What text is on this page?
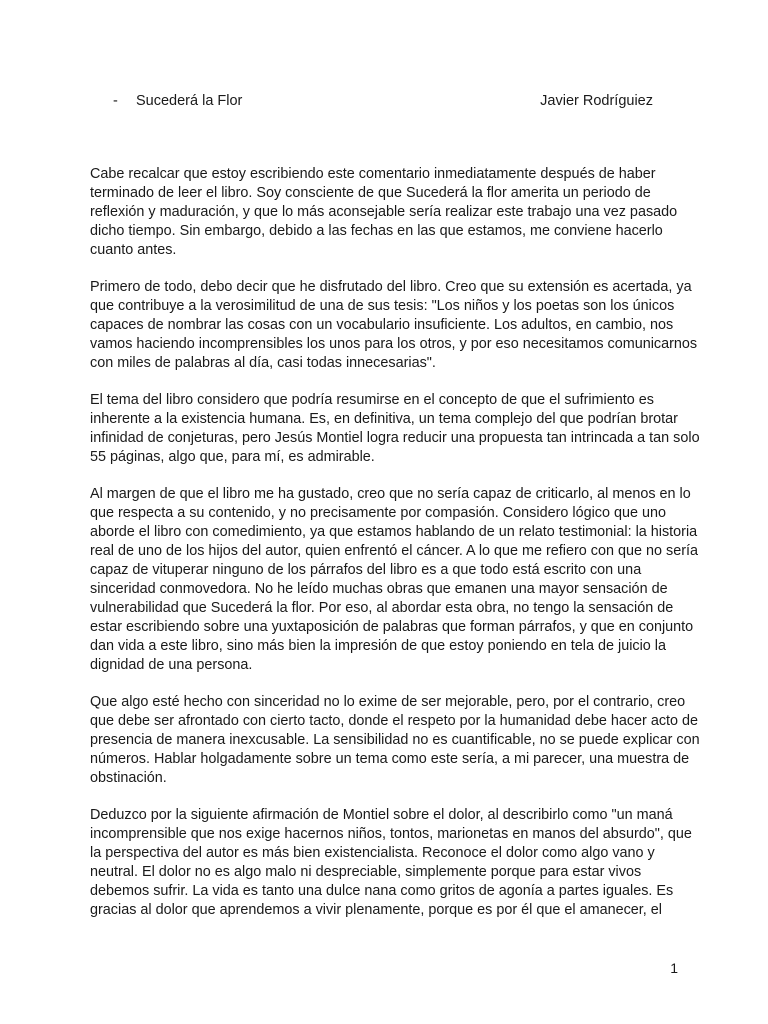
- Sucederá la Flor	Javier Rodríguiez
Cabe recalcar que estoy escribiendo este comentario inmediatamente después de haber
terminado de leer el libro. Soy consciente de que Sucederá la flor amerita un periodo de
reflexión y maduración, y que lo más aconsejable sería realizar este trabajo una vez pasado
dicho tiempo. Sin embargo, debido a las fechas en las que estamos, me conviene hacerlo
cuanto antes.
Primero de todo, debo decir que he disfrutado del libro. Creo que su extensión es acertada, ya
que contribuye a la verosimilitud de una de sus tesis: "Los niños y los poetas son los únicos
capaces de nombrar las cosas con un vocabulario insuficiente. Los adultos, en cambio, nos
vamos haciendo incomprensibles los unos para los otros, y por eso necesitamos comunicarnos
con miles de palabras al día, casi todas innecesarias".
El tema del libro considero que podría resumirse en el concepto de que el sufrimiento es
inherente a la existencia humana. Es, en definitiva, un tema complejo del que podrían brotar
infinidad de conjeturas, pero Jesús Montiel logra reducir una propuesta tan intrincada a tan solo
55 páginas, algo que, para mí, es admirable.
Al margen de que el libro me ha gustado, creo que no sería capaz de criticarlo, al menos en lo
que respecta a su contenido, y no precisamente por compasión. Considero lógico que uno
aborde el libro con comedimiento, ya que estamos hablando de un relato testimonial: la historia
real de uno de los hijos del autor, quien enfrentó el cáncer. A lo que me refiero con que no sería
capaz de vituperar ninguno de los párrafos del libro es a que todo está escrito con una
sinceridad conmovedora. No he leído muchas obras que emanen una mayor sensación de
vulnerabilidad que Sucederá la flor. Por eso, al abordar esta obra, no tengo la sensación de
estar escribiendo sobre una yuxtaposición de palabras que forman párrafos, y que en conjunto
dan vida a este libro, sino más bien la impresión de que estoy poniendo en tela de juicio la
dignidad de una persona.
Que algo esté hecho con sinceridad no lo exime de ser mejorable, pero, por el contrario, creo
que debe ser afrontado con cierto tacto, donde el respeto por la humanidad debe hacer acto de
presencia de manera inexcusable. La sensibilidad no es cuantificable, no se puede explicar con
números. Hablar holgadamente sobre un tema como este sería, a mi parecer, una muestra de
obstinación.
Deduzco por la siguiente afirmación de Montiel sobre el dolor, al describirlo como "un maná
incomprensible que nos exige hacernos niños, tontos, marionetas en manos del absurdo", que
la perspectiva del autor es más bien existencialista. Reconoce el dolor como algo vano y
neutral. El dolor no es algo malo ni despreciable, simplemente porque para estar vivos
debemos sufrir. La vida es tanto una dulce nana como gritos de agonía a partes iguales. Es
gracias al dolor que aprendemos a vivir plenamente, porque es por él que el amanecer, el
1
